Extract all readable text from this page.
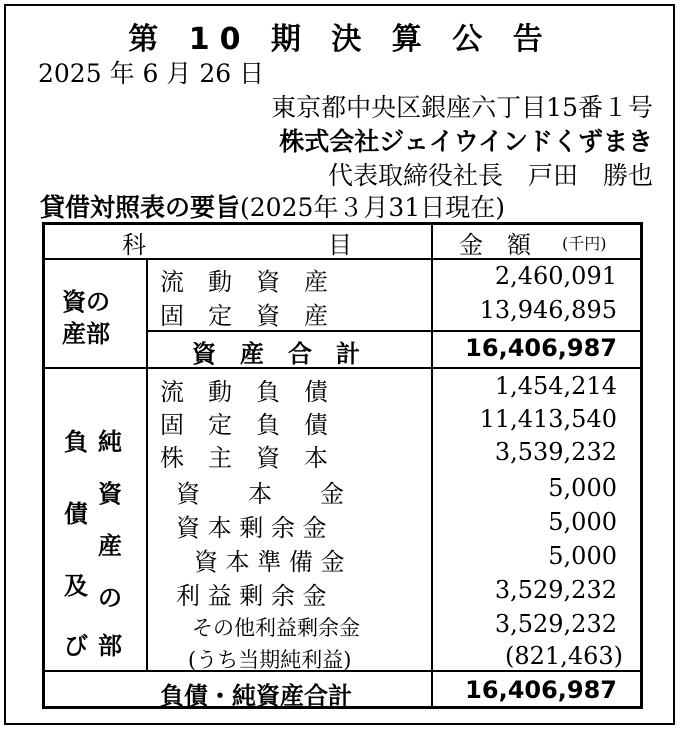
第 10 期 決 算 公 告
2025 年 6 月 26 日
東京都中央区銀座六丁目15番１号
株式会社ジェイウインドくずまき
代表取締役社長　戸田　勝也
貸借対照表の要旨(2025年３月31日現在)
科	目	金　額 (千円)
資の
産部
流　動　資　産	2,460,091
固　定　資　産	13,946,895
資　産　合　計	16,406,987
負
債
及
び
純
資
産
の
部
流　動　負　債	1,454,214
固　定　負　債	11,413,540
株　主　資　本	3,539,232
資　　本　　金	5,000
資 本 剰 余 金	5,000
資 本 準 備 金	5,000
利 益 剰 余 金	3,529,232
その他利益剰余金	3,529,232
(うち当期純利益)	(821,463)
負債・純資産合計	16,406,987
